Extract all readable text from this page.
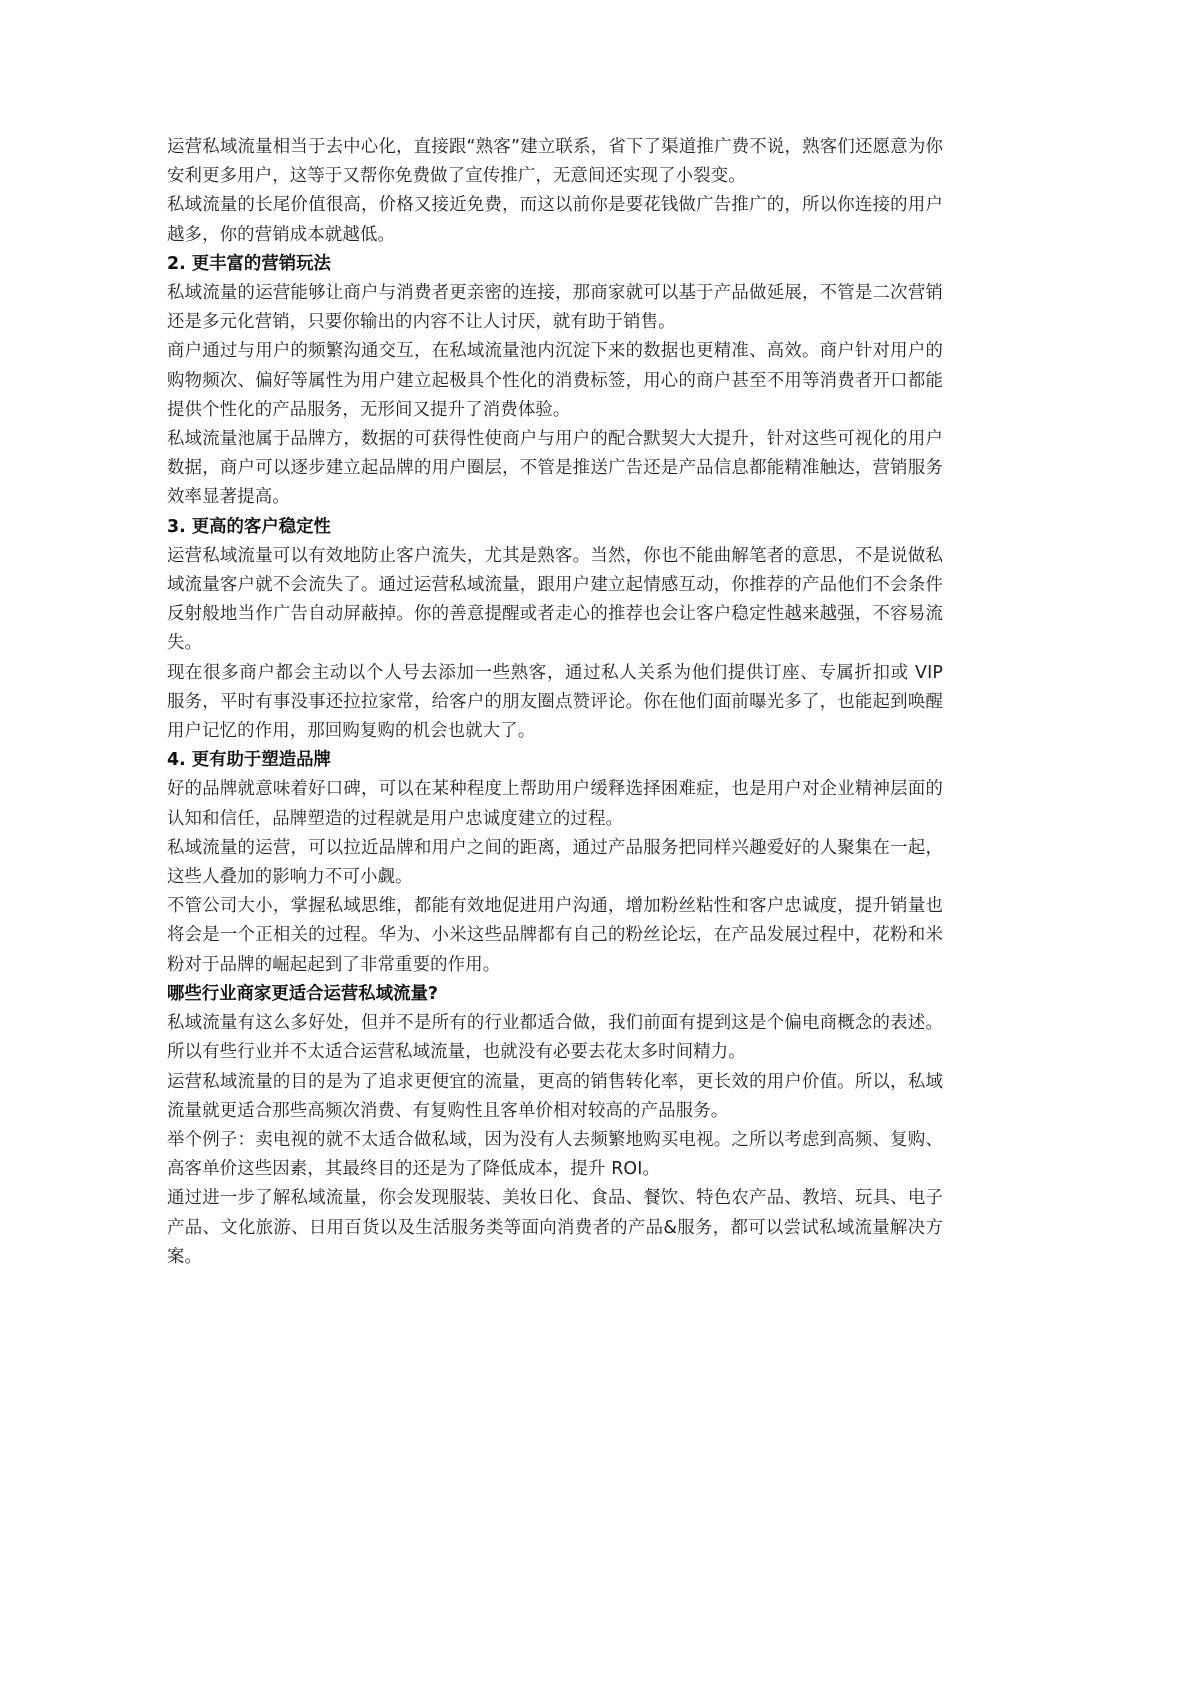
运营私域流量相当于去中心化，直接跟“熟客”建立联系，省下了渠道推广费不说，熟客们还愿意为你安利更多用户，这等于又帮你免费做了宣传推广，无意间还实现了小裂变。

私域流量的长尾价值很高，价格又接近免费，而这以前你是要花钱做广告推广的，所以你连接的用户越多，你的营销成本就越低。

2. 更丰富的营销玩法

私域流量的运营能够让商户与消费者更亲密的连接，那商家就可以基于产品做延展，不管是二次营销还是多元化营销，只要你输出的内容不让人讨厌，就有助于销售。

商户通过与用户的频繁沟通交互，在私域流量池内沉淀下来的数据也更精准、高效。商户针对用户的购物频次、偏好等属性为用户建立起极具个性化的消费标签，用心的商户甚至不用等消费者开口都能提供个性化的产品服务，无形间又提升了消费体验。

私域流量池属于品牌方，数据的可获得性使商户与用户的配合默契大大提升，针对这些可视化的用户数据，商户可以逐步建立起品牌的用户圈层，不管是推送广告还是产品信息都能精准触达，营销服务效率显著提高。

3. 更高的客户稳定性

运营私域流量可以有效地防止客户流失，尤其是熟客。当然，你也不能曲解笔者的意思，不是说做私域流量客户就不会流失了。通过运营私域流量，跟用户建立起情感互动，你推荐的产品他们不会条件反射般地当作广告自动屏蔽掉。你的善意提醒或者走心的推荐也会让客户稳定性越来越强，不容易流失。

现在很多商户都会主动以个人号去添加一些熟客，通过私人关系为他们提供订座、专属折扣或 VIP 服务，平时有事没事还拉拉家常，给客户的朋友圈点赞评论。你在他们面前曝光多了，也能起到唤醒用户记忆的作用，那回购复购的机会也就大了。

4. 更有助于塑造品牌

好的品牌就意味着好口碑，可以在某种程度上帮助用户缓释选择困难症，也是用户对企业精神层面的认知和信任，品牌塑造的过程就是用户忠诚度建立的过程。

私域流量的运营，可以拉近品牌和用户之间的距离，通过产品服务把同样兴趣爱好的人聚集在一起，这些人叠加的影响力不可小觑。

不管公司大小，掌握私域思维，都能有效地促进用户沟通，增加粉丝粘性和客户忠诚度，提升销量也将会是一个正相关的过程。华为、小米这些品牌都有自己的粉丝论坛，在产品发展过程中，花粉和米粉对于品牌的崛起起到了非常重要的作用。

哪些行业商家更适合运营私域流量?

私域流量有这么多好处，但并不是所有的行业都适合做，我们前面有提到这是个偏电商概念的表述。所以有些行业并不太适合运营私域流量，也就没有必要去花太多时间精力。

运营私域流量的目的是为了追求更便宜的流量，更高的销售转化率，更长效的用户价值。所以，私域流量就更适合那些高频次消费、有复购性且客单价相对较高的产品服务。

举个例子：卖电视的就不太适合做私域，因为没有人去频繁地购买电视。之所以考虑到高频、复购、高客单价这些因素，其最终目的还是为了降低成本，提升 ROI。

通过进一步了解私域流量，你会发现服装、美妆日化、食品、餐饮、特色农产品、教培、玩具、电子产品、文化旅游、日用百货以及生活服务类等面向消费者的产品&服务，都可以尝试私域流量解决方案。
